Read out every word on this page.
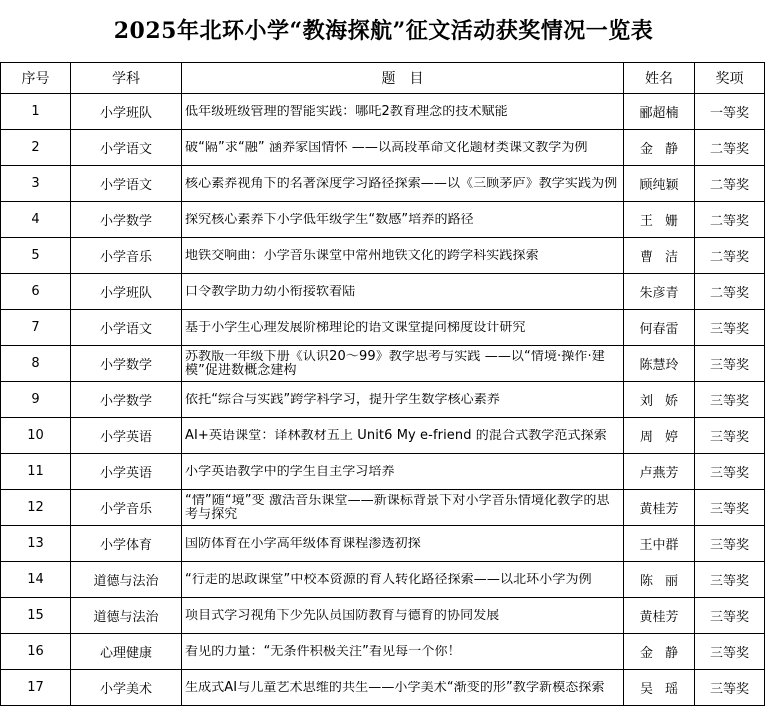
2025年北环小学“教海探航”征文活动获奖情况一览表
序号	学科	题　目	姓名	奖项
1	小学班队	低年级班级管理的智能实践：哪吒2教育理念的技术赋能	郦超楠	一等奖
2	小学语文	破“隔”求“融” 涵养家国情怀 ——以高段革命文化题材类课文教学为例	金静	二等奖
3	小学语文	核心素养视角下的名著深度学习路径探索——以《三顾茅庐》教学实践为例	顾纯颖	二等奖
4	小学数学	探究核心素养下小学低年级学生“数感”培养的路径	王姗	二等奖
5	小学音乐	地铁交响曲：小学音乐课堂中常州地铁文化的跨学科实践探索	曹洁	二等奖
6	小学班队	口令教学助力幼小衔接软着陆	朱彦青	二等奖
7	小学语文	基于小学生心理发展阶梯理论的语文课堂提问梯度设计研究	何春雷	三等奖
8	小学数学	苏教版一年级下册《认识20～99》教学思考与实践 ——以“情境·操作·建模”促进数概念建构	陈慧玲	三等奖
9	小学数学	依托“综合与实践”跨学科学习，提升学生数学核心素养	刘娇	三等奖
10	小学英语	AI+英语课堂：译林教材五上 Unit6 My e-friend 的混合式教学范式探索	周婷	三等奖
11	小学英语	小学英语教学中的学生自主学习培养	卢燕芳	三等奖
12	小学音乐	“情”随“境”变 激活音乐课堂——新课标背景下对小学音乐情境化教学的思考与探究	黄桂芳	三等奖
13	小学体育	国防体育在小学高年级体育课程渗透初探	王中群	三等奖
14	道德与法治	“行走的思政课堂”中校本资源的育人转化路径探索——以北环小学为例	陈丽	三等奖
15	道德与法治	项目式学习视角下少先队员国防教育与德育的协同发展	黄桂芳	三等奖
16	心理健康	看见的力量：“无条件积极关注”看见每一个你！	金静	三等奖
17	小学美术	生成式AI与儿童艺术思维的共生——小学美术“渐变的形”教学新模态探索	吴瑶	三等奖
